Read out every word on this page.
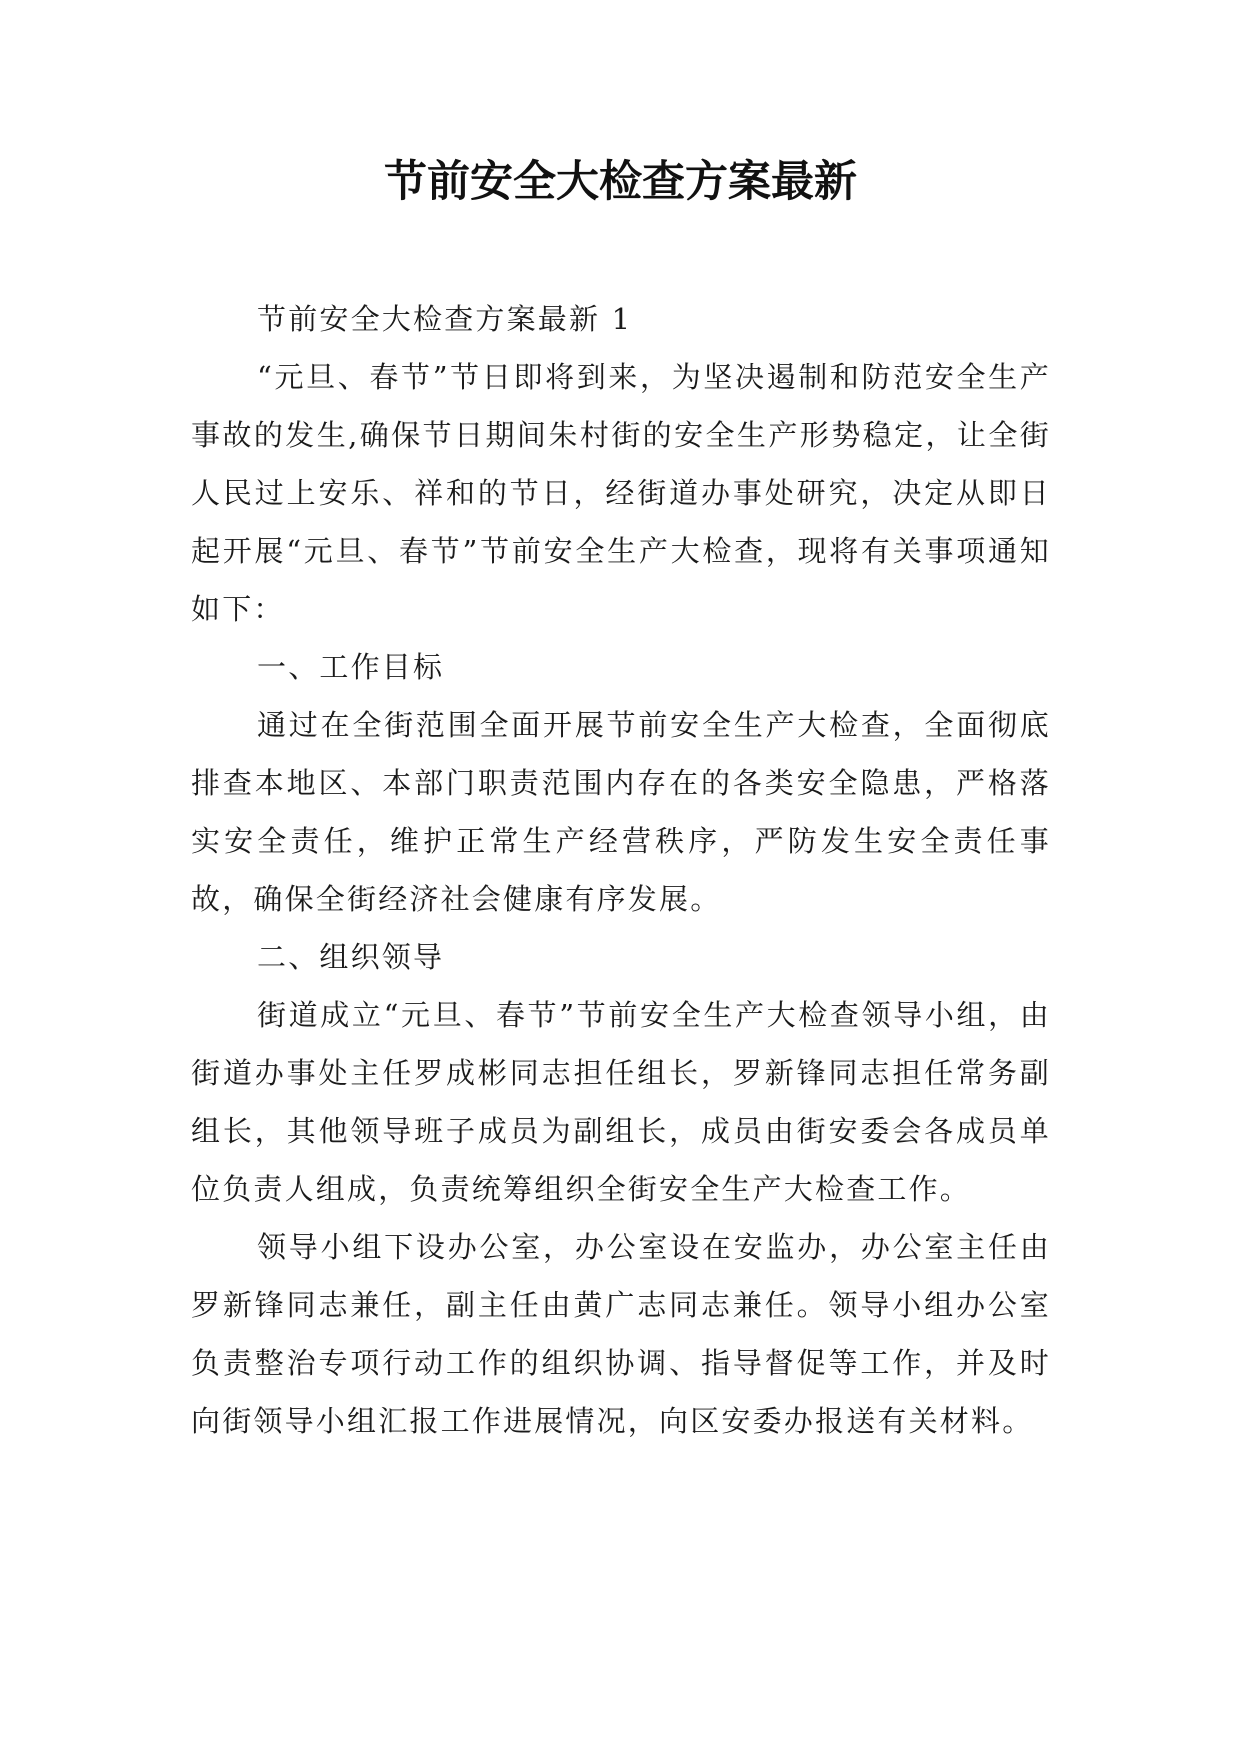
节前安全大检查方案最新

节前安全大检查方案最新 1

“元旦、春节”节日即将到来，为坚决遏制和防范安全生产事故的发生,确保节日期间朱村街的安全生产形势稳定，让全街人民过上安乐、祥和的节日，经街道办事处研究，决定从即日起开展“元旦、春节”节前安全生产大检查，现将有关事项通知如下：

一、工作目标

通过在全街范围全面开展节前安全生产大检查，全面彻底排查本地区、本部门职责范围内存在的各类安全隐患，严格落实安全责任，维护正常生产经营秩序，严防发生安全责任事故，确保全街经济社会健康有序发展。

二、组织领导

街道成立“元旦、春节”节前安全生产大检查领导小组，由街道办事处主任罗成彬同志担任组长，罗新锋同志担任常务副组长，其他领导班子成员为副组长，成员由街安委会各成员单位负责人组成，负责统筹组织全街安全生产大检查工作。

领导小组下设办公室，办公室设在安监办，办公室主任由罗新锋同志兼任，副主任由黄广志同志兼任。领导小组办公室负责整治专项行动工作的组织协调、指导督促等工作，并及时向街领导小组汇报工作进展情况，向区安委办报送有关材料。
